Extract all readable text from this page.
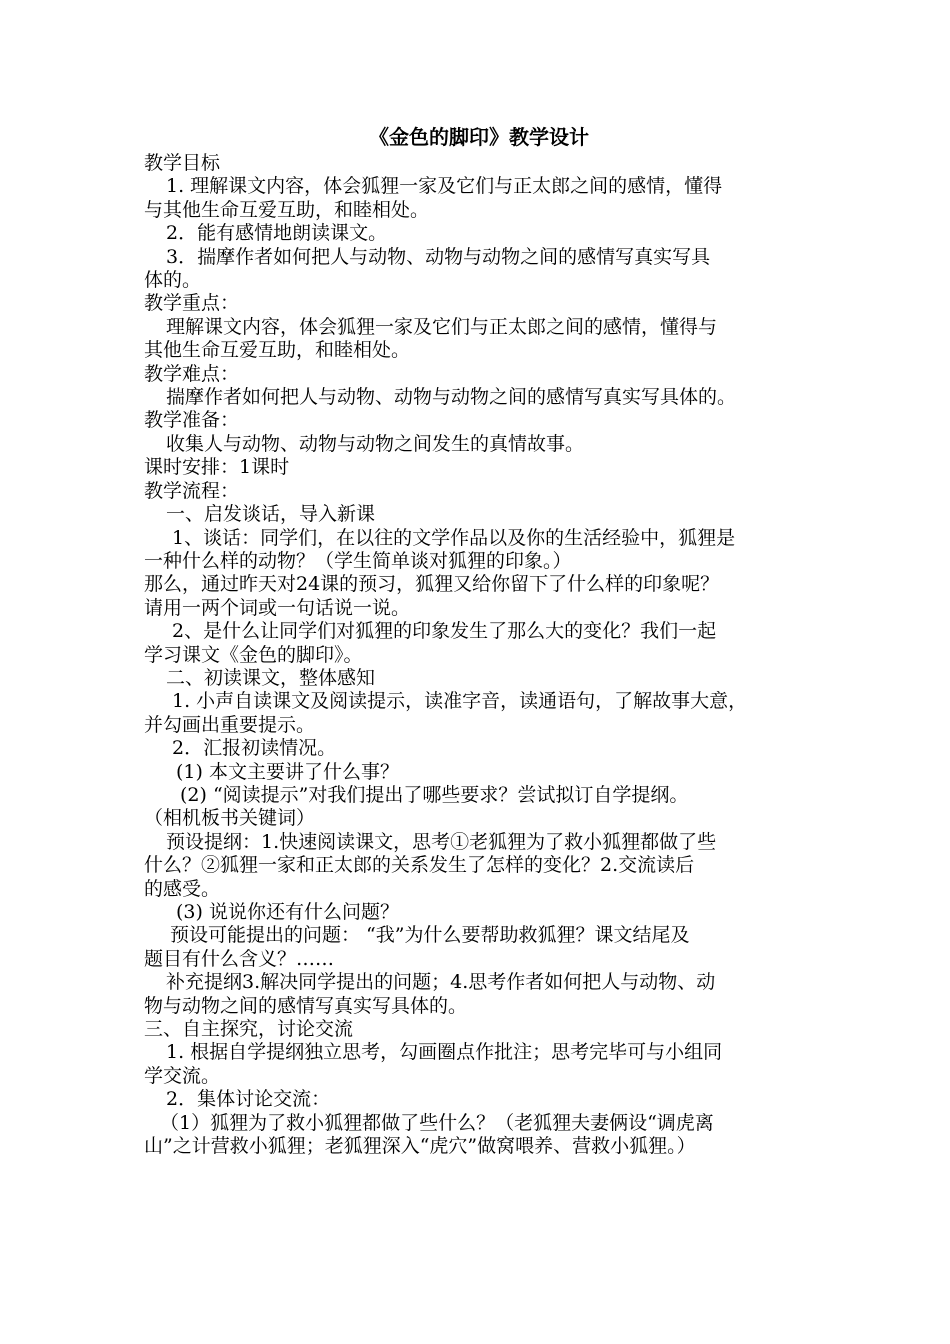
《金色的脚印》教学设计

教学目标

1. 理解课文内容，体会狐狸一家及它们与正太郎之间的感情，懂得

与其他生命互爱互助，和睦相处。

2．能有感情地朗读课文。

3．揣摩作者如何把人与动物、动物与动物之间的感情写真实写具

体的。

教学重点：

理解课文内容，体会狐狸一家及它们与正太郎之间的感情，懂得与

其他生命互爱互助，和睦相处。

教学难点：

揣摩作者如何把人与动物、动物与动物之间的感情写真实写具体的。

教学准备：

收集人与动物、动物与动物之间发生的真情故事。

课时安排：1课时

教学流程：

一、启发谈话，导入新课

1、谈话：同学们，在以往的文学作品以及你的生活经验中，狐狸是

一种什么样的动物？（学生简单谈对狐狸的印象。）

那么，通过昨天对24课的预习，狐狸又给你留下了什么样的印象呢？

请用一两个词或一句话说一说。

2、是什么让同学们对狐狸的印象发生了那么大的变化？我们一起

学习课文《金色的脚印》。

二、初读课文，整体感知

1. 小声自读课文及阅读提示，读准字音，读通语句，了解故事大意，

并勾画出重要提示。

2．汇报初读情况。

(1) 本文主要讲了什么事？

(2) “阅读提示”对我们提出了哪些要求？尝试拟订自学提纲。

（相机板书关键词）

预设提纲：1.快速阅读课文，思考①老狐狸为了救小狐狸都做了些

什么？②狐狸一家和正太郎的关系发生了怎样的变化？2.交流读后

的感受。

(3) 说说你还有什么问题？

预设可能提出的问题： “我”为什么要帮助救狐狸？课文结尾及

题目有什么含义？……

补充提纲3.解决同学提出的问题；4.思考作者如何把人与动物、动

物与动物之间的感情写真实写具体的。

三、自主探究，讨论交流

1. 根据自学提纲独立思考，勾画圈点作批注；思考完毕可与小组同

学交流。

2．集体讨论交流：

（1）狐狸为了救小狐狸都做了些什么？（老狐狸夫妻俩设“调虎离

山”之计营救小狐狸；老狐狸深入“虎穴”做窝喂养、营救小狐狸。）
